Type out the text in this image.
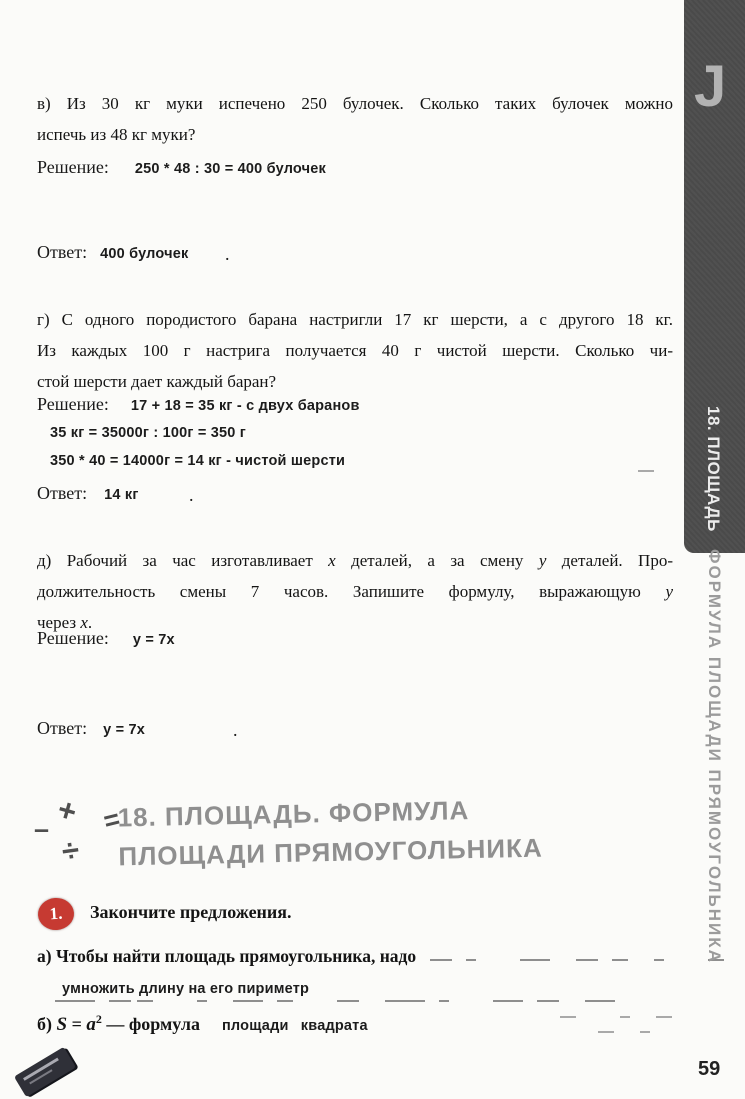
в) Из 30 кг муки испечено 250 булочек. Сколько таких булочек можно
испечь из 48 кг муки?
Решение: 250 * 48 : 30 = 400 булочек
Ответ: 400 булочек .
г) С одного породистого барана настригли 17 кг шерсти, а с другого 18 кг.
Из каждых 100 г настрига получается 40 г чистой шерсти. Сколько чи-
стой шерсти дает каждый баран?
Решение: 17 + 18 = 35 кг - с двух баранов
35 кг = 35000г : 100г = 350 г
350 * 40 = 14000г = 14 кг - чистой шерсти
Ответ: 14 кг	.
д) Рабочий за час изготавливает x деталей, а за смену y деталей. Про-
должительность смены 7 часов. Запишите формулу, выражающую y
через x.
Решение: y = 7x
Ответ: y = 7x	.
+
– =
÷
18. ПЛОЩАДЬ. ФОРМУЛА
ПЛОЩАДИ ПРЯМОУГОЛЬНИКА
1. Закончите предложения.
а) Чтобы найти площадь прямоугольника, надо
умножить длину на его пириметр
б) $S = a^2$ — формула площади квадрата
J
18. ПЛОЩАДЬ
ФОРМУЛА ПЛОЩАДИ ПРЯМОУГОЛЬНИКА
59
